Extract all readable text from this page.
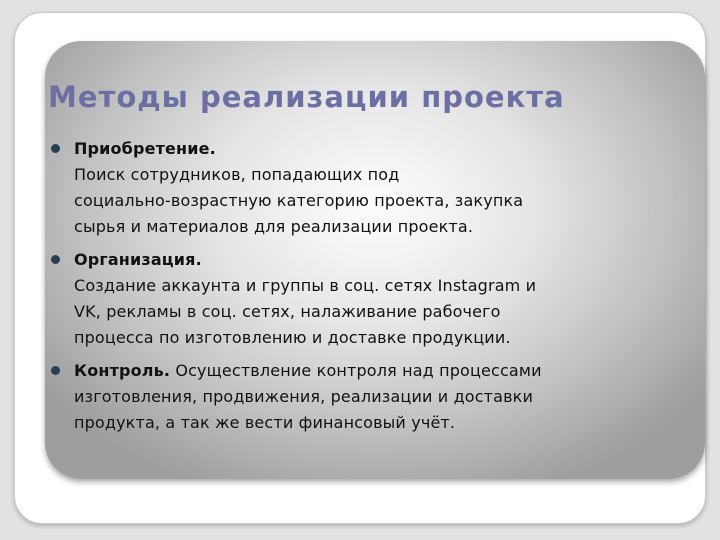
Методы реализации проекта
Приобретение.
Поиск сотрудников, попадающих под
социально-возрастную категорию проекта, закупка
сырья и материалов для реализации проекта.
Организация.
Создание аккаунта и группы в соц. сетях Instagram и
VK, рекламы в соц. сетях, налаживание рабочего
процесса по изготовлению и доставке продукции.
Контроль. Осуществление контроля над процессами
изготовления, продвижения, реализации и доставки
продукта, а так же вести финансовый учёт.
